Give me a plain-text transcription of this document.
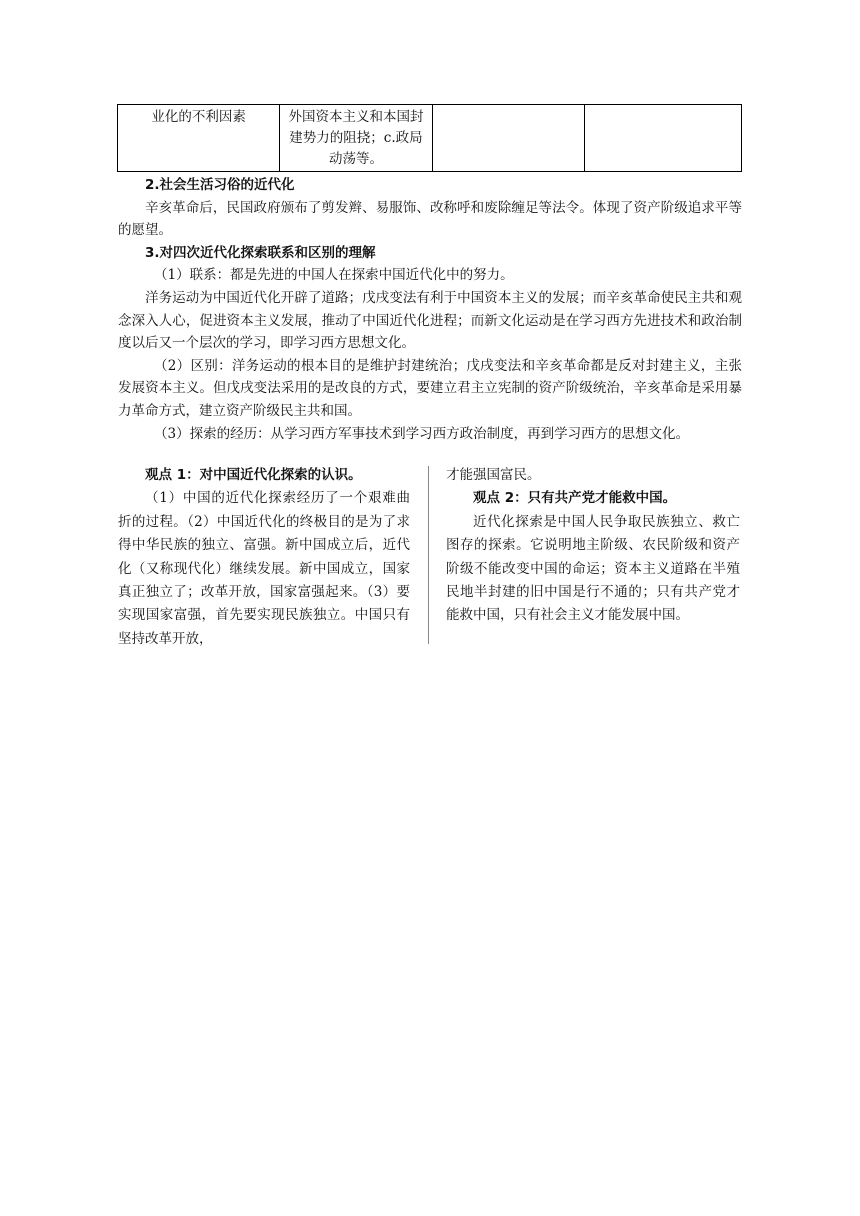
业化的不利因素	外国资本主义和本国封建势力的阻挠；c.政局动荡等。		

2.社会生活习俗的近代化

辛亥革命后，民国政府颁布了剪发辫、易服饰、改称呼和废除缠足等法令。体现了资产阶级追求平等的愿望。

3.对四次近代化探索联系和区别的理解

（1）联系：都是先进的中国人在探索中国近代化中的努力。

洋务运动为中国近代化开辟了道路；戊戌变法有利于中国资本主义的发展；而辛亥革命使民主共和观念深入人心，促进资本主义发展，推动了中国近代化进程；而新文化运动是在学习西方先进技术和政治制度以后又一个层次的学习，即学习西方思想文化。

（2）区别：洋务运动的根本目的是维护封建统治；戊戌变法和辛亥革命都是反对封建主义，主张发展资本主义。但戊戌变法采用的是改良的方式，要建立君主立宪制的资产阶级统治，辛亥革命是采用暴力革命方式，建立资产阶级民主共和国。

（3）探索的经历：从学习西方军事技术到学习西方政治制度，再到学习西方的思想文化。

观点 1：对中国近代化探索的认识。

（1）中国的近代化探索经历了一个艰难曲折的过程。（2）中国近代化的终极目的是为了求得中华民族的独立、富强。新中国成立后，近代化（又称现代化）继续发展。新中国成立，国家真正独立了；改革开放，国家富强起来。（3）要实现国家富强，首先要实现民族独立。中国只有坚持改革开放，

才能强国富民。

观点 2：只有共产党才能救中国。

近代化探索是中国人民争取民族独立、救亡图存的探索。它说明地主阶级、农民阶级和资产阶级不能改变中国的命运；资本主义道路在半殖民地半封建的旧中国是行不通的；只有共产党才能救中国，只有社会主义才能发展中国。
